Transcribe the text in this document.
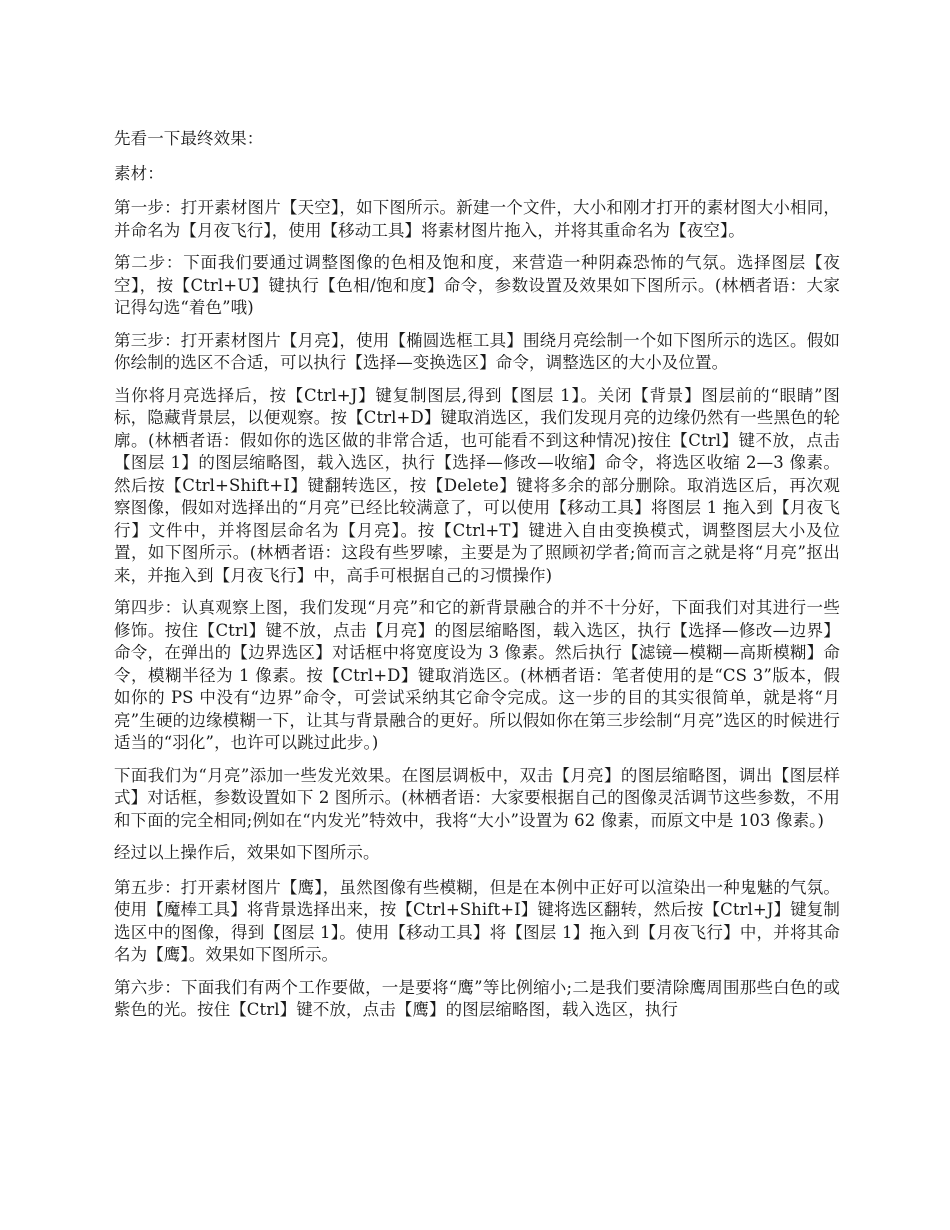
先看一下最终效果：

素材：

第一步：打开素材图片【天空】，如下图所示。新建一个文件，大小和刚才打开的素材图大小相同，并命名为【月夜飞行】，使用【移动工具】将素材图片拖入，并将其重命名为【夜空】。

第二步：下面我们要通过调整图像的色相及饱和度，来营造一种阴森恐怖的气氛。选择图层【夜空】，按【Ctrl+U】键执行【色相/饱和度】命令，参数设置及效果如下图所示。(林栖者语：大家记得勾选“着色”哦)

第三步：打开素材图片【月亮】，使用【椭圆选框工具】围绕月亮绘制一个如下图所示的选区。假如你绘制的选区不合适，可以执行【选择—变换选区】命令，调整选区的大小及位置。

当你将月亮选择后，按【Ctrl+J】键复制图层,得到【图层 1】。关闭【背景】图层前的“眼睛”图标，隐藏背景层，以便观察。按【Ctrl+D】键取消选区，我们发现月亮的边缘仍然有一些黑色的轮廓。(林栖者语：假如你的选区做的非常合适，也可能看不到这种情况)按住【Ctrl】键不放，点击【图层 1】的图层缩略图，载入选区，执行【选择—修改—收缩】命令，将选区收缩 2—3 像素。然后按【Ctrl+Shift+I】键翻转选区，按【Delete】键将多余的部分删除。取消选区后，再次观察图像，假如对选择出的“月亮”已经比较满意了，可以使用【移动工具】将图层 1 拖入到【月夜飞行】文件中，并将图层命名为【月亮】。按【Ctrl+T】键进入自由变换模式，调整图层大小及位置，如下图所示。(林栖者语：这段有些罗嗦，主要是为了照顾初学者;简而言之就是将“月亮”抠出来，并拖入到【月夜飞行】中，高手可根据自己的习惯操作)

第四步：认真观察上图，我们发现“月亮”和它的新背景融合的并不十分好，下面我们对其进行一些修饰。按住【Ctrl】键不放，点击【月亮】的图层缩略图，载入选区，执行【选择—修改—边界】命令，在弹出的【边界选区】对话框中将宽度设为 3 像素。然后执行【滤镜—模糊—高斯模糊】命令，模糊半径为 1 像素。按【Ctrl+D】键取消选区。(林栖者语：笔者使用的是“CS 3”版本，假如你的 PS 中没有“边界”命令，可尝试采纳其它命令完成。这一步的目的其实很简单，就是将“月亮”生硬的边缘模糊一下，让其与背景融合的更好。所以假如你在第三步绘制“月亮”选区的时候进行适当的“羽化”，也许可以跳过此步。)

下面我们为“月亮”添加一些发光效果。在图层调板中，双击【月亮】的图层缩略图，调出【图层样式】对话框，参数设置如下 2 图所示。(林栖者语：大家要根据自己的图像灵活调节这些参数，不用和下面的完全相同;例如在“内发光”特效中，我将“大小”设置为 62 像素，而原文中是 103 像素。)

经过以上操作后，效果如下图所示。

第五步：打开素材图片【鹰】，虽然图像有些模糊，但是在本例中正好可以渲染出一种鬼魅的气氛。使用【魔棒工具】将背景选择出来，按【Ctrl+Shift+I】键将选区翻转，然后按【Ctrl+J】键复制选区中的图像，得到【图层 1】。使用【移动工具】将【图层 1】拖入到【月夜飞行】中，并将其命名为【鹰】。效果如下图所示。

第六步：下面我们有两个工作要做，一是要将“鹰”等比例缩小;二是我们要清除鹰周围那些白色的或紫色的光。按住【Ctrl】键不放，点击【鹰】的图层缩略图，载入选区，执行
